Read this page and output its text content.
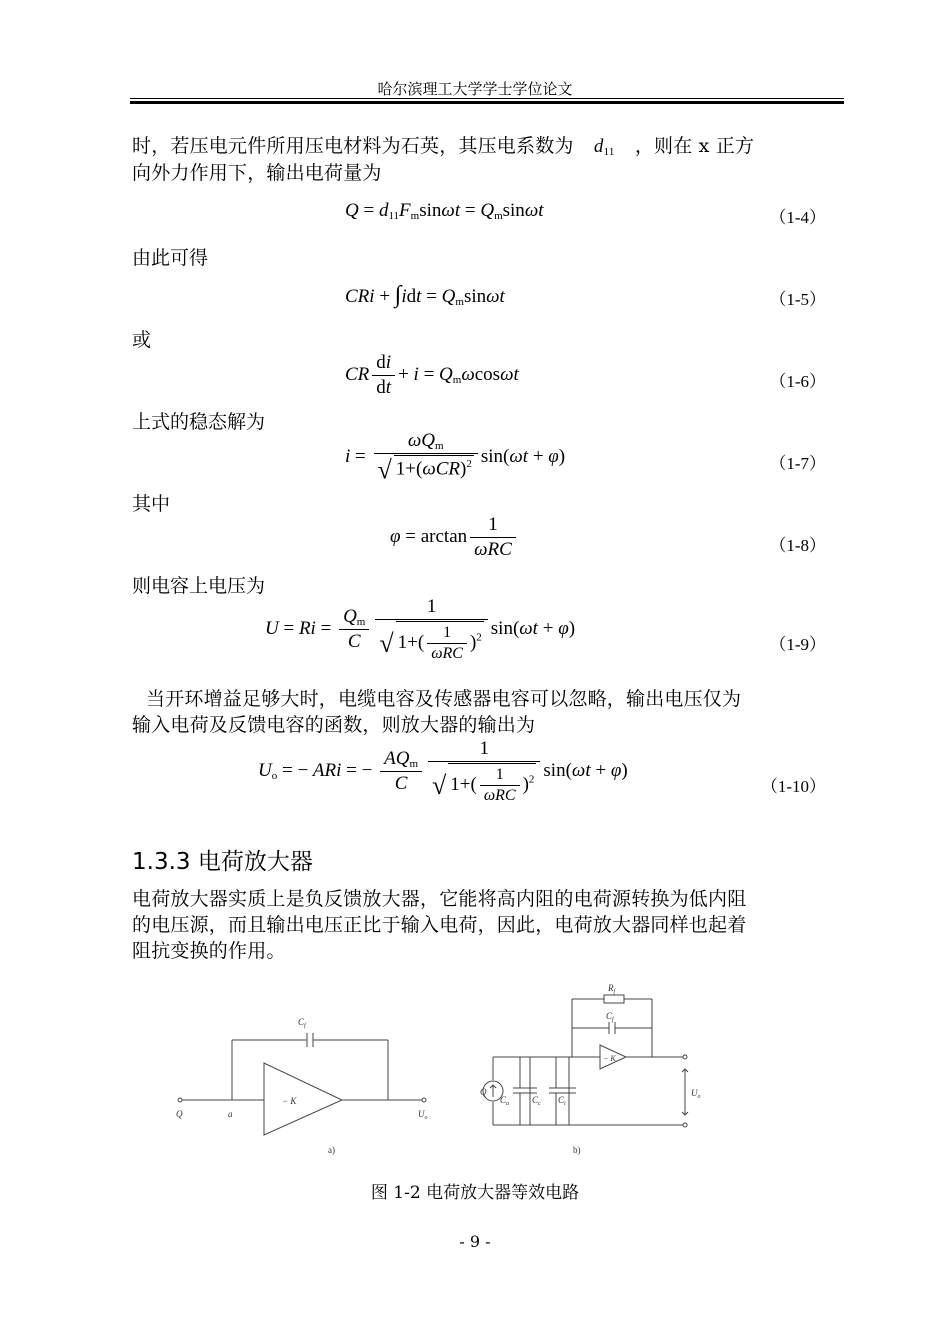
哈尔滨理工大学学士学位论文
时，若压电元件所用压电材料为石英，其压电系数为 $d_{11}$ ，则在 x 正方
向外力作用下，输出电荷量为
$Q = d_{11}F_m\sin\omega t = Q_m\sin\omega t$	（1-4）
由此可得
CRi + $\int idt = Q_m\sin\omega t$	（1-5）
或
CR $\frac{di}{dt} + i = Q_m\omega\cos\omega t$	（1-6）
上式的稳态解为
$i = \frac{\omega Q_m}{√ 1+(\omega CR)^2} \sin(\omega t + \varphi)$	（1-7）
其中
$\varphi = \arctan \frac{1}{\text{ωRC}}$	（1-8）
则电容上电压为
$U = Ri = \frac{Q_m}{C} \frac{1}{√ 1+( \frac{1}{\text{ωRC}} )^2} \sin(\omega t + \varphi)$
（1-9）
当开环增益足够大时，电缆电容及传感器电容可以忽略，输出电压仅为
输入电荷及反馈电容的函数，则放大器的输出为
$U_o$ = − ARi = − $\frac{AQ_m}{C} \frac{1}{√ 1+( \frac{1}{\text{ωRC}} )^2} \sin(\omega t + \varphi)$
（1-10）
1.3.3 电荷放大器
电荷放大器实质上是负反馈放大器，它能将高内阻的电荷源转换为低内阻
的电压源，而且输出电压正比于输入电荷，因此，电荷放大器同样也起着
阻抗变换的作用。
$C_f$
− K
Q	a	$U_o$
a)
Q
$C_a$	$C_c$ $C_i$
$R_f$
$C_f$
− K
$U_o$
b)
图 1-2 电荷放大器等效电路
- 9 -
